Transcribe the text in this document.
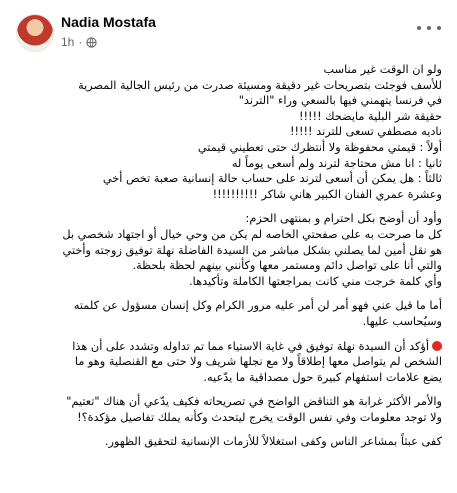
Nadia Mostafa
1h ·

ولو ان الوقت غير مناسب

للأسف فوجئت بتصريحات غير دقيقة ومسيئة صدرت من رئيس الجالية المصرية

في فرنسا يتهمني فيها بالسعي وراء "الترند"

حقيقة شر البلية مايضحك !!!!!

ناديه مصطفي تسعى للترند !!!!!

أولاً : قيمتي محفوظة ولا أنتظرك حتى تعطيني قيمتي

ثانيا : انا مش محتاجة لترند ولم أسعى يوماً له

ثالثاً : هل يمكن أن أسعى لترند على حساب حالة إنسانية صعبة تخص أخي

وعشرة عمري الفنان الكبير هاني شاكر !!!!!!!!!!

وأود أن أوضح بكل احترام و بمنتهى الحزم:

كل ما صرحت به على صفحتي الخاصه لم يكن من وحي خيال أو اجتهاد شخصي بل

هو نقل أمين لما يصلني بشكل مباشر من السيدة الفاضلة نهلة توفيق زوجته وأختي

والتي أنا على تواصل دائم ومستمر معها وكأنني بينهم لحظة بلحظة.

وأي كلمة خرجت مني كانت بمراجعتها الكاملة وتأكيدها.

أما ما قيل عني فهو أمر لن أمر عليه مرور الكرام وكل إنسان مسؤول عن كلمته

وسيُحاسب عليها.

أؤكد أن السيدة نهلة توفيق في غاية الاستياء مما تم تداوله وتشدد على أن هذا

الشخص لم يتواصل معها إطلاقاً ولا مع نجلها شريف ولا حتى مع القنصلية وهو ما

يضع علامات استفهام كبيرة حول مصداقية ما يدّعيه.

والأمر الأكثر غرابة هو التناقض الواضح في تصريحاته فكيف يدّعي أن هناك "تعتيم"

ولا توجد معلومات وفي نفس الوقت يخرج ليتحدث وكأنه يملك تفاصيل مؤكدة؟!

كفى عبثاً بمشاعر الناس وكفى استغلالاً للأزمات الإنسانية لتحقيق الظهور.
